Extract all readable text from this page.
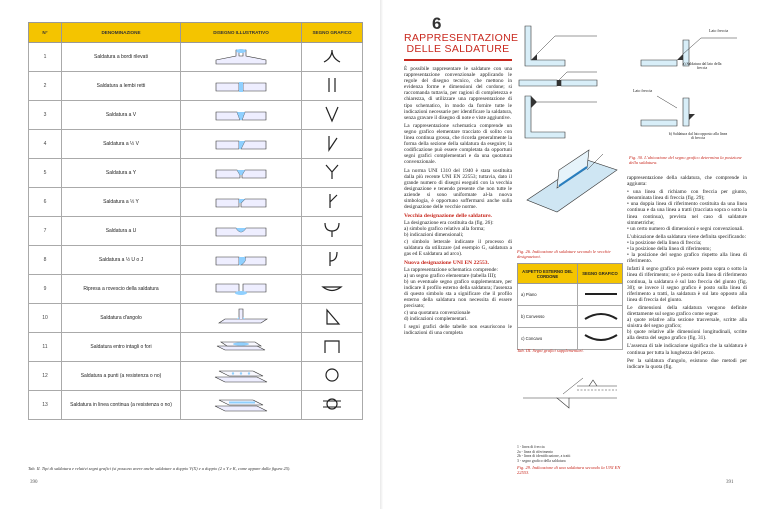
N°	DENOMINAZIONE	DISEGNO ILLUSTRATIVO	SEGNO GRAFICO
1	Saldatura a bordi rilevati		
2	Saldatura a lembi retti		
3	Saldatura a V		
4	Saldatura a ½ V		
5	Saldatura a Y		
6	Saldatura a ½ Y		
7	Saldatura a U		
8	Saldatura a ½ U o J		
9	Ripresa a rovescio della saldatura		
10	Saldatura d'angolo		
11	Saldatura entro intagli o fori		
12	Saldatura a punti (a resistenza o no)		
13	Saldatura in linea continua (a resistenza o no)		
Tab. II. Tipi di saldatura e relativi segni grafici (si possono avere anche saldature a doppio V(X) e a doppio (2 x Y e K, come appare dalla figura 25).
390
6
RAPPRESENTAZIONE DELLE SALDATURE

È possibile rappresentare le saldature con una rappresentazione convenzionale applicando le regole del disegno tecnico, che mettono in evidenza forme e dimensioni del cordone; si raccomanda tuttavia, per ragioni di completezza e chiarezza, di utilizzare una rappresentazione di tipo schematico, in modo da fornire tutte le indicazioni necessarie per identificare la saldatura, senza gravare il disegno di note e viste aggiuntive.

La rappresentazione schematica comprende un segno grafico elementare tracciato di solito con linea continua grossa, che ricorda generalmente la forma della sezione della saldatura da eseguire; la codificazione può essere completata da opportuni segni grafici complementari e da una quotatura convenzionale.

La norma UNI 1310 del 1940 è stata sostituita dalla più recente UNI EN 22553; tuttavia, dato il grande numero di disegni eseguiti con la vecchia designazione e tenendo presente che non tutte le aziende si sono uniformate al-la nuova simbologia, è opportuno soffermarsi anche sulla designazione delle vecchie norme.

Vecchia designazione delle saldature.

La designazione era costituita da (fig. 26):

a) simbolo grafico relativo alla forma;

b) indicazioni dimensionali;

c) simbolo letterale indicante il processo di saldatura da utilizzare (ad esempio G, saldatura a gas ed E saldatura ad arco).

Nuova designazione UNI EN 22553.

La rappresentazione schematica comprende:

a) un segno grafico elementare (tabella III);

b) un eventuale segno grafico supplementare, per indicare il profilo esterno della saldatura; l'assenza di questo simbolo sta a significare che il profilo esterno della saldatura non necessita di essere precisato;

c) una quotatura convenzionale

d) indicazioni complementari.

I segni grafici delle tabelle non esauriscono le indicazioni di una completa

Fig. 26. Indicazione di saldature secondo le vecchie designazioni.
ASPETTO ESTERNO DEL CORDONE	SEGNO GRAFICO
a) Piano	
b) Convesso	
c) Concavo	
Tab. III. Segni grafici supplementari.
1 - linea di freccia
2a - linea di riferimento
2b - linea di identificazione, a tratti
3 - segno grafico della saldatura
Fig. 29. Indicazione di una saldatura secondo la UNI EN 22553.
Lato freccia
a) Saldatura dal lato della freccia
Lato freccia
b) Saldatura dal lato opposto alla linea di freccia
Fig. 30. L'ubicazione del segno grafico determina la posizione della saldatura.

rappresentazione della saldatura, che comprende in aggiunta:

• una linea di richiamo con freccia per giunto, denominata linea di freccia (fig. 29);

• una doppia linea di riferimento costituita da una linea continua e da una linea a tratti (tracciata sopra o sotto la linea continua), prevista nel caso di saldature simmetriche;

• un certo numero di dimensioni e segni convenzionali.

L'ubicazione della saldatura viene definita specificando:

• la posizione della linea di freccia;

• la posizione della linea di riferimento;

• la posizione del segno grafico rispetto alla linea di riferimento.

Infatti il segno grafico può essere posto sopra o sotto la linea di riferimento; se è posto sulla linea di riferimento continua, la saldatura è sul lato freccia del giunto (fig. 30); se invece il segno grafico è posto sulla linea di riferimento a tratti, la saldatura è sul lato opposto alla linea di freccia del giunto.

Le dimensioni della saldatura vengono definite direttamente sul segno grafico come segue:

a) quote relative alla sezione trasversale, scritte alla sinistra del segno grafico;

b) quote relative alle dimensioni longitudinali, scritte alla destra del segno grafico (fig. 31).

L'assenza di tale indicazione significa che la saldatura è continua per tutta la lunghezza del pezzo.

Per la saldatura d'angolo, esistono due metodi per indicare la quota (fig.

391
